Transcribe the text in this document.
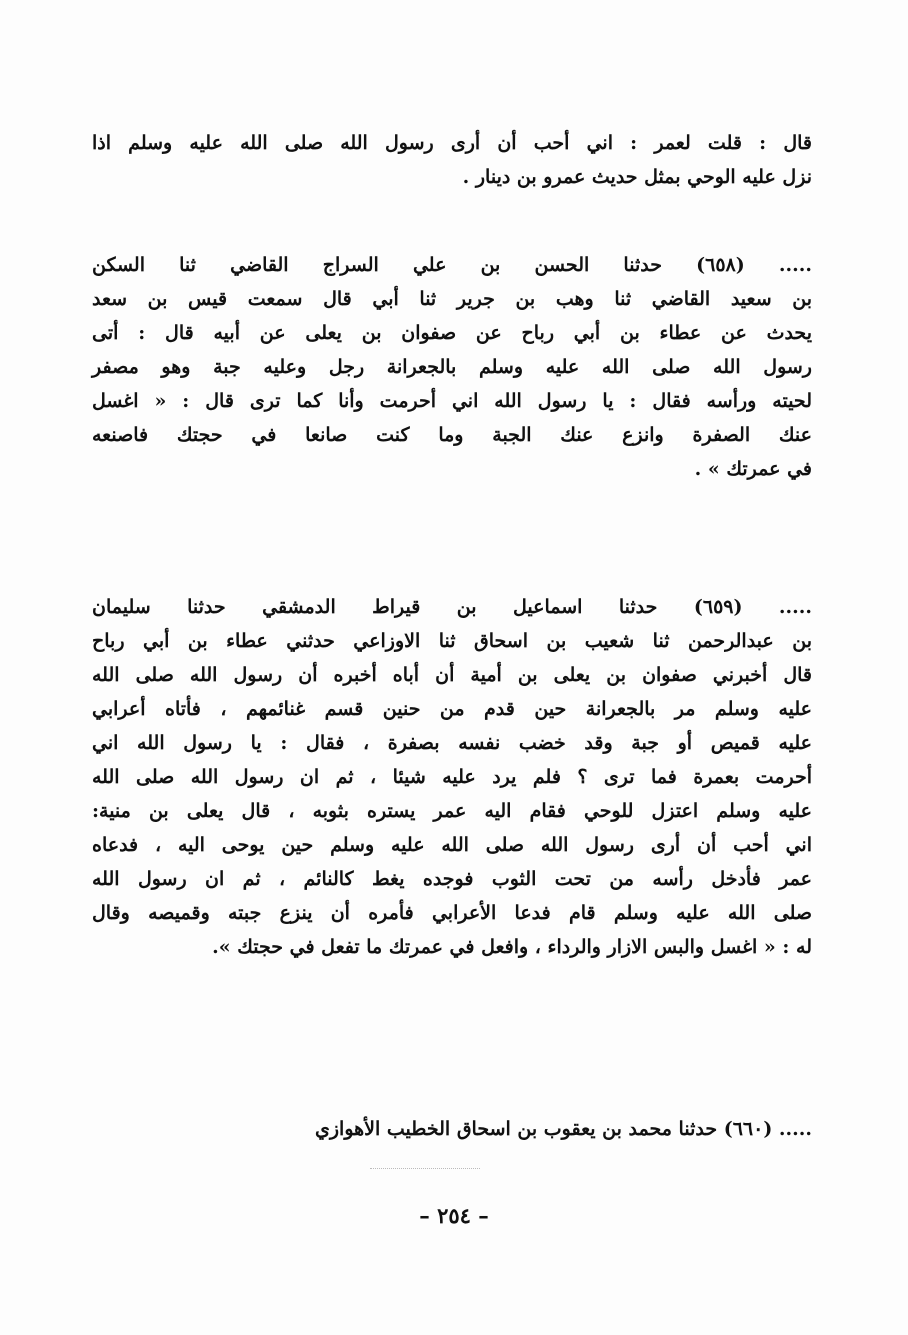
قال : قلت لعمر : اني أحب أن أرى رسول الله صلى الله عليه وسلم اذا
نزل عليه الوحي بمثل حديث عمرو بن دينار .
..... (٦٥٨) حدثنا الحسن بن علي السراج القاضي ثنا السكن
بن سعيد القاضي ثنا وهب بن جرير ثنا أبي قال سمعت قيس بن سعد
يحدث عن عطاء بن أبي رباح عن صفوان بن يعلى عن أبيه قال : أتى
رسول الله صلى الله عليه وسلم بالجعرانة رجل وعليه جبة وهو مصفر
لحيته ورأسه فقال : يا رسول الله اني أحرمت وأنا كما ترى قال : « اغسل
عنك الصفرة وانزع عنك الجبة وما كنت صانعا في حجتك فاصنعه
في عمرتك » .
..... (٦٥٩) حدثنا اسماعيل بن قيراط الدمشقي حدثنا سليمان
بن عبدالرحمن ثنا شعيب بن اسحاق ثنا الاوزاعي حدثني عطاء بن أبي رباح
قال أخبرني صفوان بن يعلى بن أمية أن أباه أخبره أن رسول الله صلى الله
عليه وسلم مر بالجعرانة حين قدم من حنين قسم غنائمهم ، فأتاه أعرابي
عليه قميص أو جبة وقد خضب نفسه بصفرة ، فقال : يا رسول الله اني
أحرمت بعمرة فما ترى ؟ فلم يرد عليه شيئا ، ثم ان رسول الله صلى الله
عليه وسلم اعتزل للوحي فقام اليه عمر يستره بثوبه ، قال يعلى بن منية:
اني أحب أن أرى رسول الله صلى الله عليه وسلم حين يوحى اليه ، فدعاه
عمر فأدخل رأسه من تحت الثوب فوجده يغط كالنائم ، ثم ان رسول الله
صلى الله عليه وسلم قام فدعا الأعرابي فأمره أن ينزع جبته وقميصه وقال
له : « اغسل والبس الازار والرداء ، وافعل في عمرتك ما تفعل في حجتك ».
..... (٦٦٠) حدثنا محمد بن يعقوب بن اسحاق الخطيب الأهوازي
– ٢٥٤ –
